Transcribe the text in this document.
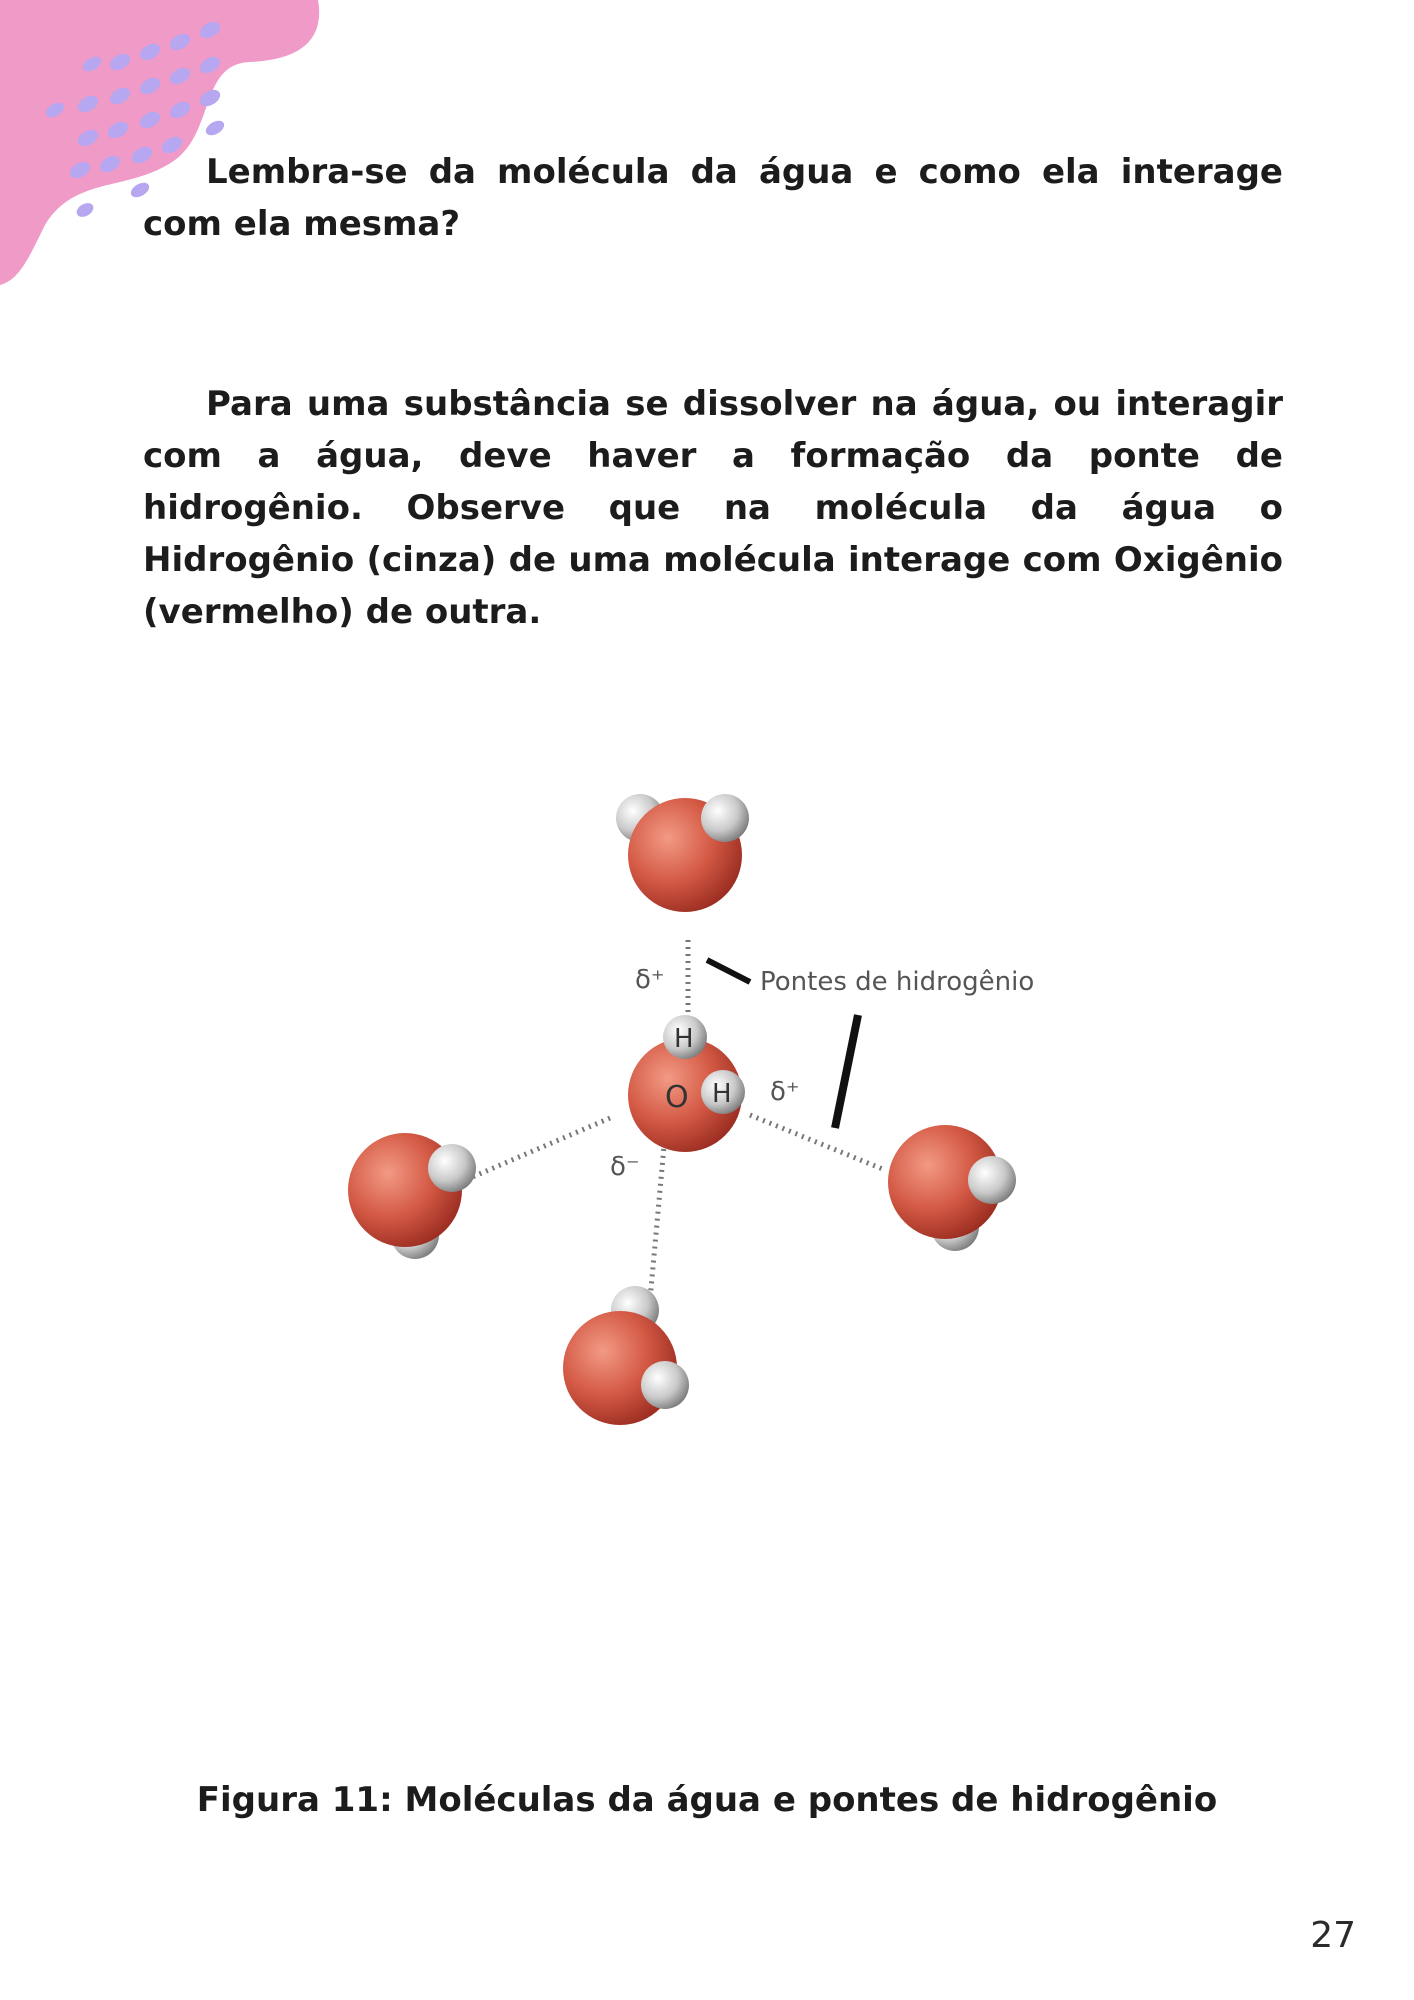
Lembra-se da molécula da água e como ela interage com ela mesma?

Para uma substância se dissolver na água, ou interagir com a água, deve haver a formação da ponte de hidrogênio. Observe que na molécula da água o Hidrogênio (cinza) de uma molécula interage com Oxigênio (vermelho) de outra.

O
H
H
δ⁺
δ⁺
δ⁻
Pontes de hidrogênio
Figura 11: Moléculas da água e pontes de hidrogênio
27
